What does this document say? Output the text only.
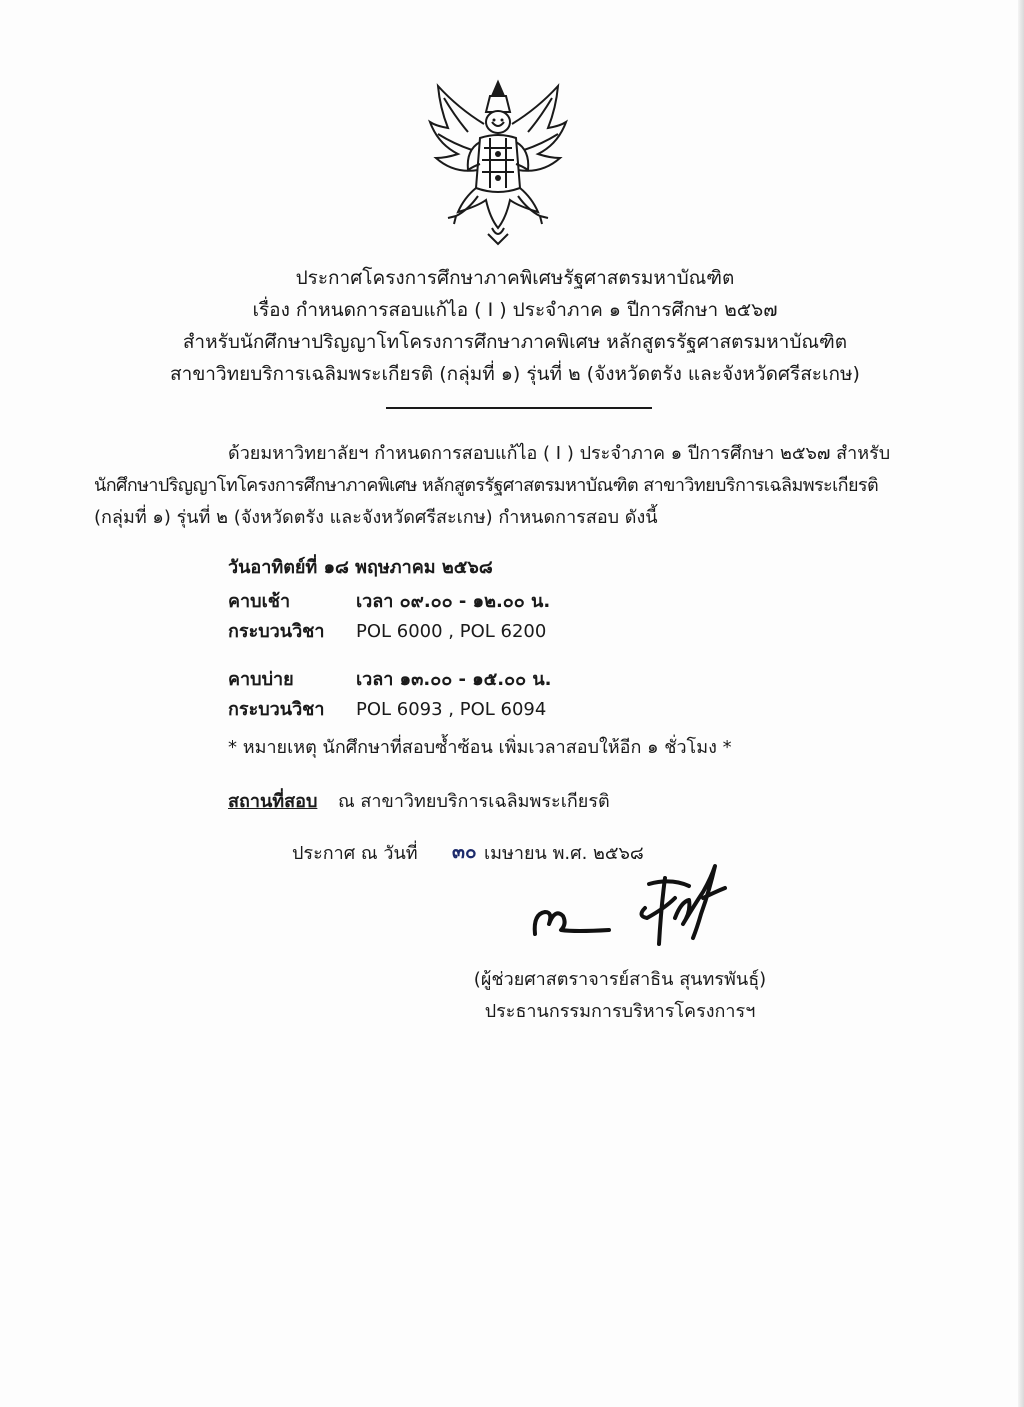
ประกาศโครงการศึกษาภาคพิเศษรัฐศาสตรมหาบัณฑิต
เรื่อง กำหนดการสอบแก้ไอ ( I ) ประจำภาค ๑ ปีการศึกษา ๒๕๖๗
สำหรับนักศึกษาปริญญาโทโครงการศึกษาภาคพิเศษ หลักสูตรรัฐศาสตรมหาบัณฑิต
สาขาวิทยบริการเฉลิมพระเกียรติ (กลุ่มที่ ๑) รุ่นที่ ๒ (จังหวัดตรัง และจังหวัดศรีสะเกษ)
ด้วยมหาวิทยาลัยฯ กำหนดการสอบแก้ไอ ( I ) ประจำภาค ๑ ปีการศึกษา ๒๕๖๗ สำหรับ
นักศึกษาปริญญาโทโครงการศึกษาภาคพิเศษ หลักสูตรรัฐศาสตรมหาบัณฑิต สาขาวิทยบริการเฉลิมพระเกียรติ
(กลุ่มที่ ๑) รุ่นที่ ๒ (จังหวัดตรัง และจังหวัดศรีสะเกษ) กำหนดการสอบ ดังนี้
วันอาทิตย์ที่ ๑๘ พฤษภาคม ๒๕๖๘
คาบเช้า	เวลา ๐๙.๐๐ - ๑๒.๐๐ น.
กระบวนวิชา POL 6000 , POL 6200
คาบบ่าย	เวลา ๑๓.๐๐ - ๑๕.๐๐ น.
กระบวนวิชา POL 6093 , POL 6094
* หมายเหตุ นักศึกษาที่สอบซ้ำซ้อน เพิ่มเวลาสอบให้อีก ๑ ชั่วโมง *
สถานที่สอบ ณ สาขาวิทยบริการเฉลิมพระเกียรติ
ประกาศ ณ วันที่ ๓๐ เมษายน พ.ศ. ๒๕๖๘
(ผู้ช่วยศาสตราจารย์สาธิน สุนทรพันธุ์)
ประธานกรรมการบริหารโครงการฯ
